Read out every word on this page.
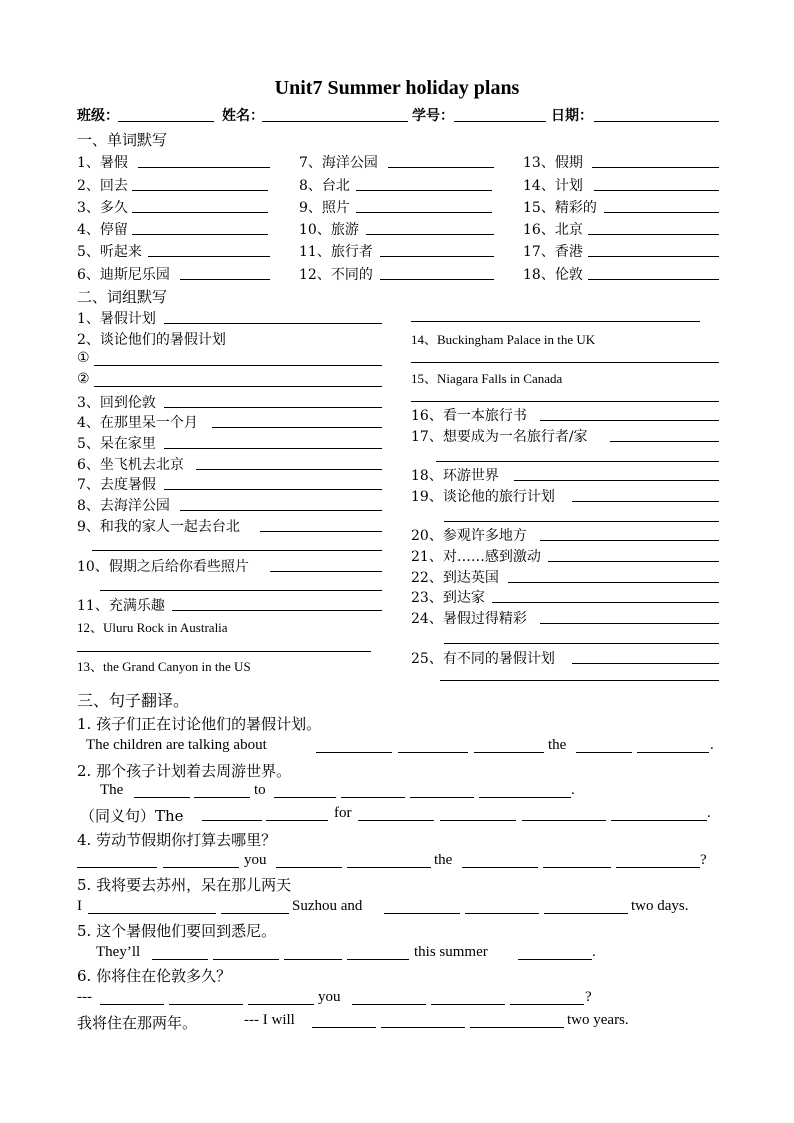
Unit7 Summer holiday plans
班级：	姓名：	学号：	日期：
一、单词默写
1、暑假
2、回去
3、多久
4、停留
5、听起来
6、迪斯尼乐园
7、海洋公园
8、台北
9、照片
10、旅游
11、旅行者
12、不同的
13、假期
14、计划
15、精彩的
16、北京
17、香港
18、伦敦
二、词组默写
1、暑假计划
2、谈论他们的暑假计划
①
②
3、回到伦敦
4、在那里呆一个月
5、呆在家里
6、坐飞机去北京
7、去度暑假
8、去海洋公园
9、和我的家人一起去台北
10、假期之后给你看些照片
11、充满乐趣
12、Uluru Rock in Australia
13、the Grand Canyon in the US
14、Buckingham Palace in the UK
15、Niagara Falls in Canada
16、看一本旅行书
17、想要成为一名旅行者/家
18、环游世界
19、谈论他的旅行计划
20、参观许多地方
21、对……感到激动
22、到达英国
23、到达家
24、暑假过得精彩
25、有不同的暑假计划
三、句子翻译。
1. 孩子们正在讨论他们的暑假计划。
The children are talking about	the	.
2. 那个孩子计划着去周游世界。
The	to	.
（同义句）The	for	.
4. 劳动节假期你打算去哪里？
you	the	?
5. 我将要去苏州，呆在那儿两天
I	Suzhou and	two days.
5. 这个暑假他们要回到悉尼。
They’ll	this summer	.
6. 你将住在伦敦多久？
---	you	?
我将住在那两年。	--- I will	two years.
